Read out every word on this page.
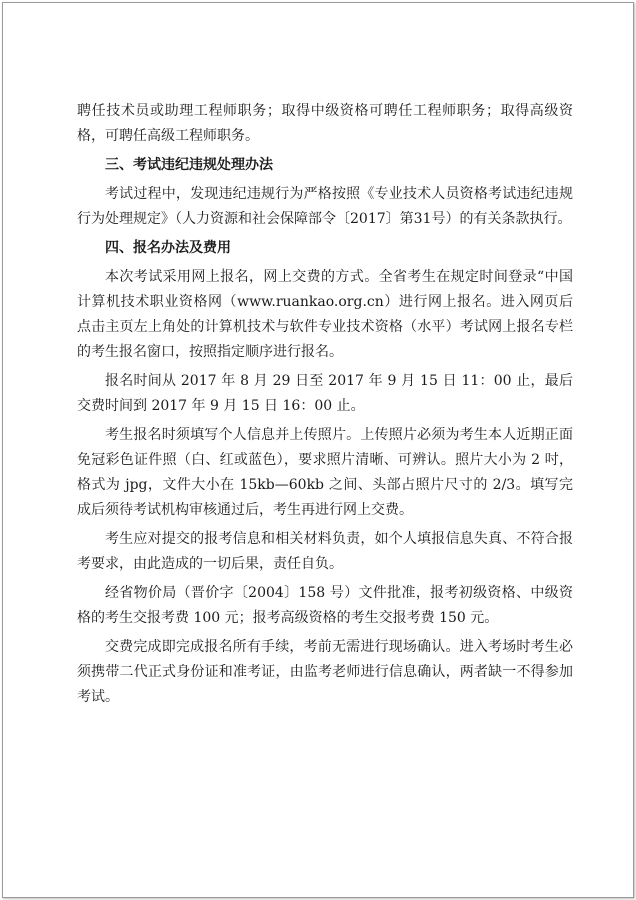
聘任技术员或助理工程师职务；取得中级资格可聘任工程师职务；取得高级资格，可聘任高级工程师职务。

三、考试违纪违规处理办法

考试过程中，发现违纪违规行为严格按照《专业技术人员资格考试违纪违规行为处理规定》（人力资源和社会保障部令〔2017〕第31号）的有关条款执行。

四、报名办法及费用

本次考试采用网上报名，网上交费的方式。全省考生在规定时间登录“中国计算机技术职业资格网（www.ruankao.org.cn）进行网上报名。进入网页后点击主页左上角处的计算机技术与软件专业技术资格（水平）考试网上报名专栏的考生报名窗口，按照指定顺序进行报名。

报名时间从 2017 年 8 月 29 日至 2017 年 9 月 15 日 11：00 止，最后交费时间到 2017 年 9 月 15 日 16：00 止。

考生报名时须填写个人信息并上传照片。上传照片必须为考生本人近期正面免冠彩色证件照（白、红或蓝色），要求照片清晰、可辨认。照片大小为 2 吋，格式为 jpg，文件大小在 15kb—60kb 之间、头部占照片尺寸的 2/3。填写完成后须待考试机构审核通过后，考生再进行网上交费。

考生应对提交的报考信息和相关材料负责，如个人填报信息失真、不符合报考要求，由此造成的一切后果，责任自负。

经省物价局（晋价字〔2004〕158 号）文件批准，报考初级资格、中级资格的考生交报考费 100 元；报考高级资格的考生交报考费 150 元。

交费完成即完成报名所有手续，考前无需进行现场确认。进入考场时考生必须携带二代正式身份证和准考证，由监考老师进行信息确认，两者缺一不得参加考试。
